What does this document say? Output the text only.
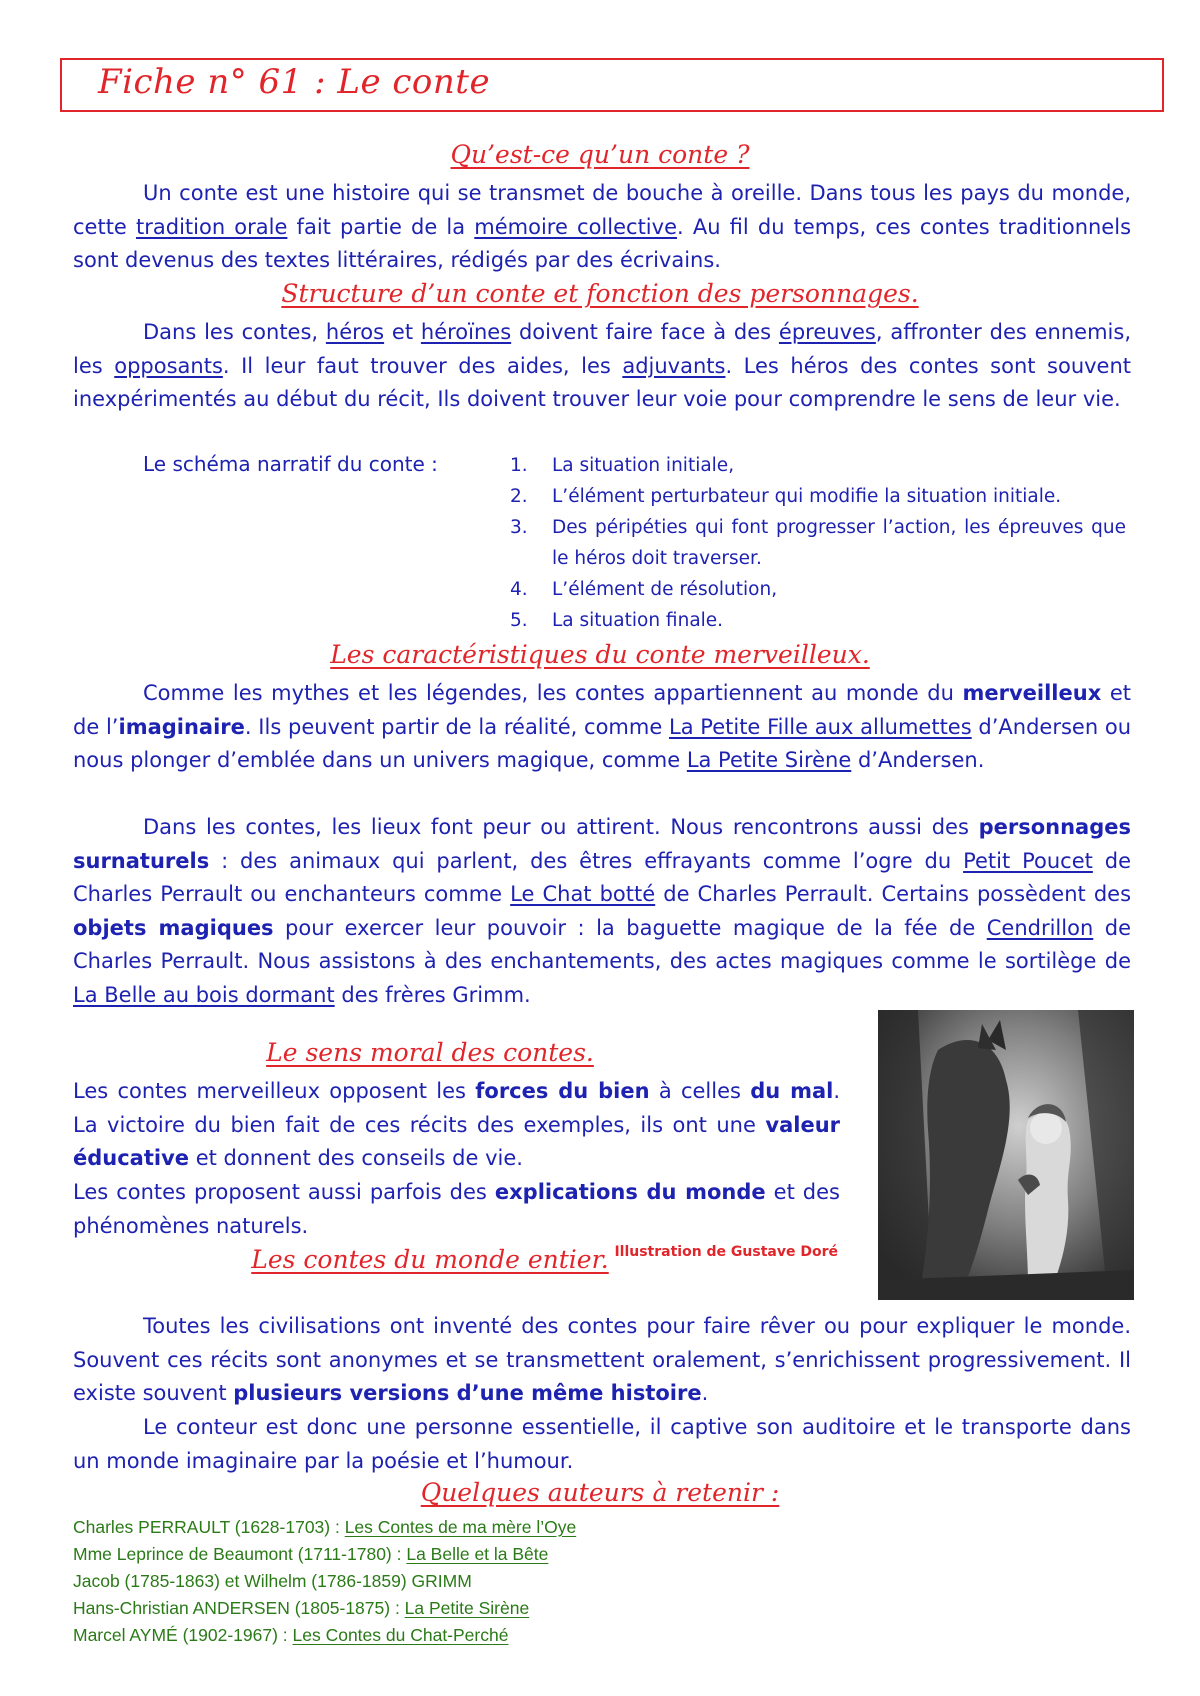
Fiche n° 61 : Le conte
Qu’est-ce qu’un conte ?
Un conte est une histoire qui se transmet de bouche à oreille. Dans tous les pays du monde, cette tradition orale fait partie de la mémoire collective. Au fil du temps, ces contes traditionnels sont devenus des textes littéraires, rédigés par des écrivains.
Structure d’un conte et fonction des personnages.
Dans les contes, héros et héroïnes doivent faire face à des épreuves, affronter des ennemis, les opposants. Il leur faut trouver des aides, les adjuvants. Les héros des contes sont souvent inexpérimentés au début du récit, Ils doivent trouver leur voie pour comprendre le sens de leur vie.
Le schéma narratif du conte :	1. La situation initiale,
2. L’élément perturbateur qui modifie la situation initiale.
3. Des péripéties qui font progresser l’action, les épreuves que le héros doit traverser.
4. L’élément de résolution,
5. La situation finale.
Les caractéristiques du conte merveilleux.
Comme les mythes et les légendes, les contes appartiennent au monde du merveilleux et de l’imaginaire. Ils peuvent partir de la réalité, comme La Petite Fille aux allumettes d’Andersen ou nous plonger d’emblée dans un univers magique, comme La Petite Sirène d’Andersen.
Dans les contes, les lieux font peur ou attirent. Nous rencontrons aussi des personnages surnaturels : des animaux qui parlent, des êtres effrayants comme l’ogre du Petit Poucet de Charles Perrault ou enchanteurs comme Le Chat botté de Charles Perrault. Certains possèdent des objets magiques pour exercer leur pouvoir : la baguette magique de la fée de Cendrillon de Charles Perrault. Nous assistons à des enchantements, des actes magiques comme le sortilège de La Belle au bois dormant des frères Grimm.
Le sens moral des contes.
Les contes merveilleux opposent les forces du bien à celles du mal. La victoire du bien fait de ces récits des exemples, ils ont une valeur éducative et donnent des conseils de vie.
Les contes proposent aussi parfois des explications du monde et des phénomènes naturels.
Illustration de Gustave Doré
Les contes du monde entier.
Toutes les civilisations ont inventé des contes pour faire rêver ou pour expliquer le monde. Souvent ces récits sont anonymes et se transmettent oralement, s’enrichissent progressivement. Il existe souvent plusieurs versions d’une même histoire.
Le conteur est donc une personne essentielle, il captive son auditoire et le transporte dans un monde imaginaire par la poésie et l’humour.
Quelques auteurs à retenir :
Charles PERRAULT (1628-1703) : Les Contes de ma mère l’Oye
Mme Leprince de Beaumont (1711-1780) : La Belle et la Bête
Jacob (1785-1863) et Wilhelm (1786-1859) GRIMM
Hans-Christian ANDERSEN (1805-1875) : La Petite Sirène
Marcel AYMÉ (1902-1967) : Les Contes du Chat-Perché
